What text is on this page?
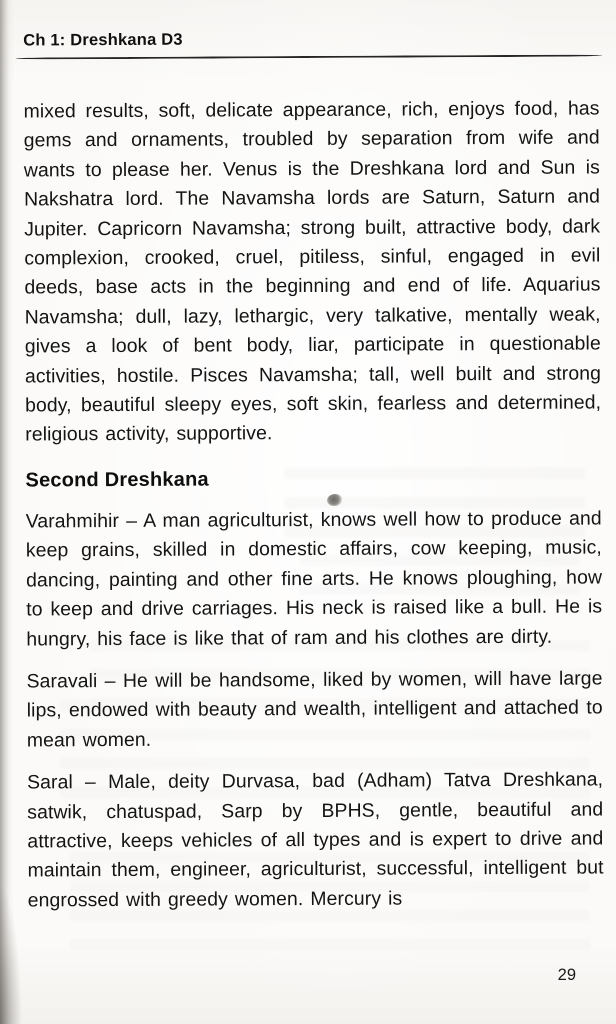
Ch 1: Dreshkana D3

mixed results, soft, delicate appearance, rich, enjoys food, has gems and ornaments, troubled by separation from wife and wants to please her. Venus is the Dreshkana lord and Sun is Nakshatra lord. The Navamsha lords are Saturn, Saturn and Jupiter. Capricorn Navamsha; strong built, attractive body, dark complexion, crooked, cruel, pitiless, sinful, engaged in evil deeds, base acts in the beginning and end of life. Aquarius Navamsha; dull, lazy, lethargic, very talkative, mentally weak, gives a look of bent body, liar, participate in questionable activities, hostile. Pisces Navamsha; tall, well built and strong body, beautiful sleepy eyes, soft skin, fearless and determined, religious activity, supportive.

Second Dreshkana

Varahmihir – A man agriculturist, knows well how to produce and keep grains, skilled in domestic affairs, cow keeping, music, dancing, painting and other fine arts. He knows ploughing, how to keep and drive carriages. His neck is raised like a bull. He is hungry, his face is like that of ram and his clothes are dirty.

Saravali – He will be handsome, liked by women, will have large lips, endowed with beauty and wealth, intelligent and attached to mean women.

Saral – Male, deity Durvasa, bad (Adham) Tatva Dreshkana, satwik, chatuspad, Sarp by BPHS, gentle, beautiful and attractive, keeps vehicles of all types and is expert to drive and maintain them, engineer, agriculturist, successful, intelligent but engrossed with greedy women. Mercury is

29
